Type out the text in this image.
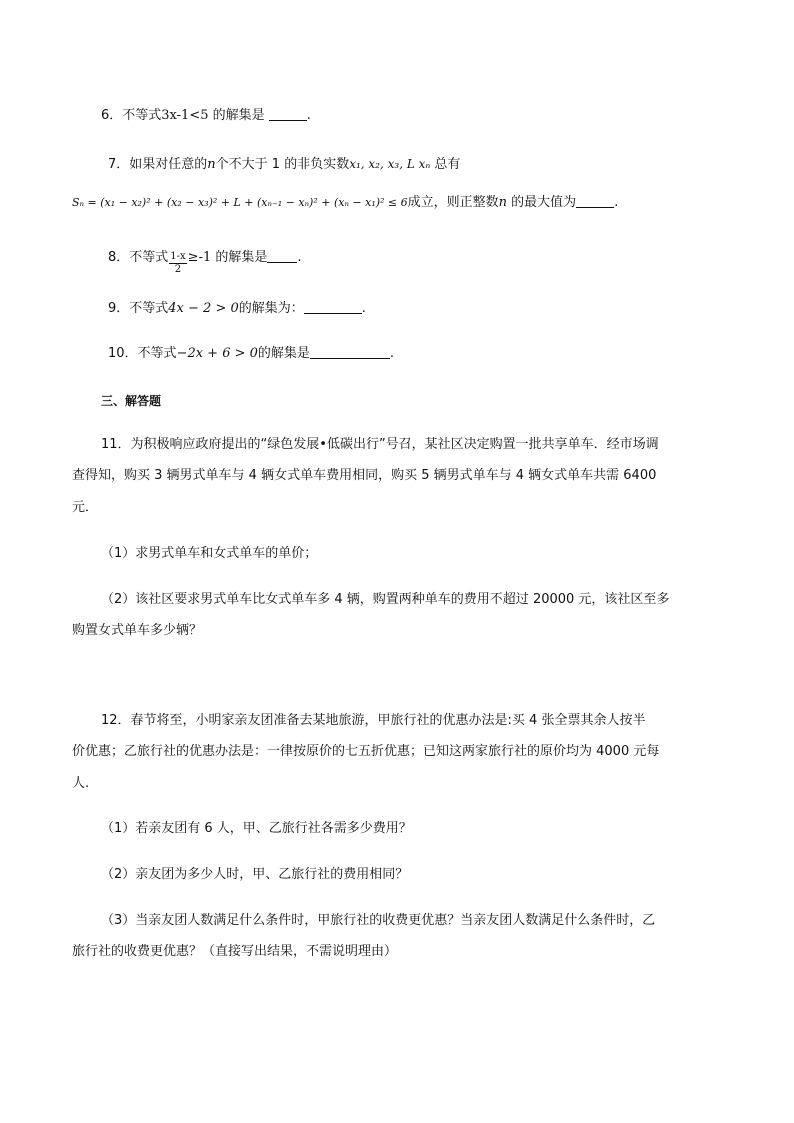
6．不等式3x-1<5 的解集是	.
7．如果对任意的n个不大于 1 的非负实数x₁, x₂, x₃, L xₙ 总有
Sₙ = (x₁ − x₂)² + (x₂ − x₃)² + L + (xₙ₋₁ − xₙ)² + (xₙ − x₁)² ≤ 6成立，则正整数n 的最大值为	.
8．不等式 $\frac{1-x}{2} \ge-1$ 的解集是 .
9．不等式4x − 2 > 0的解集为：	.
10．不等式−2x + 6 > 0的解集是	.
三、解答题
11．为积极响应政府提出的“绿色发展•低碳出行”号召，某社区决定购置一批共享单车．经市场调
查得知，购买 3 辆男式单车与 4 辆女式单车费用相同，购买 5 辆男式单车与 4 辆女式单车共需 6400
元．
（1）求男式单车和女式单车的单价；
（2）该社区要求男式单车比女式单车多 4 辆，购置两种单车的费用不超过 20000 元，该社区至多
购置女式单车多少辆？
12．春节将至，小明家亲友团准备去某地旅游，甲旅行社的优惠办法是:买 4 张全票其余人按半
价优惠；乙旅行社的优惠办法是：一律按原价的七五折优惠；已知这两家旅行社的原价均为 4000 元每
人.
（1）若亲友团有 6 人，甲、乙旅行社各需多少费用？
（2）亲友团为多少人时，甲、乙旅行社的费用相同？
（3）当亲友团人数满足什么条件时，甲旅行社的收费更优惠？当亲友团人数满足什么条件时，乙
旅行社的收费更优惠？（直接写出结果，不需说明理由）
